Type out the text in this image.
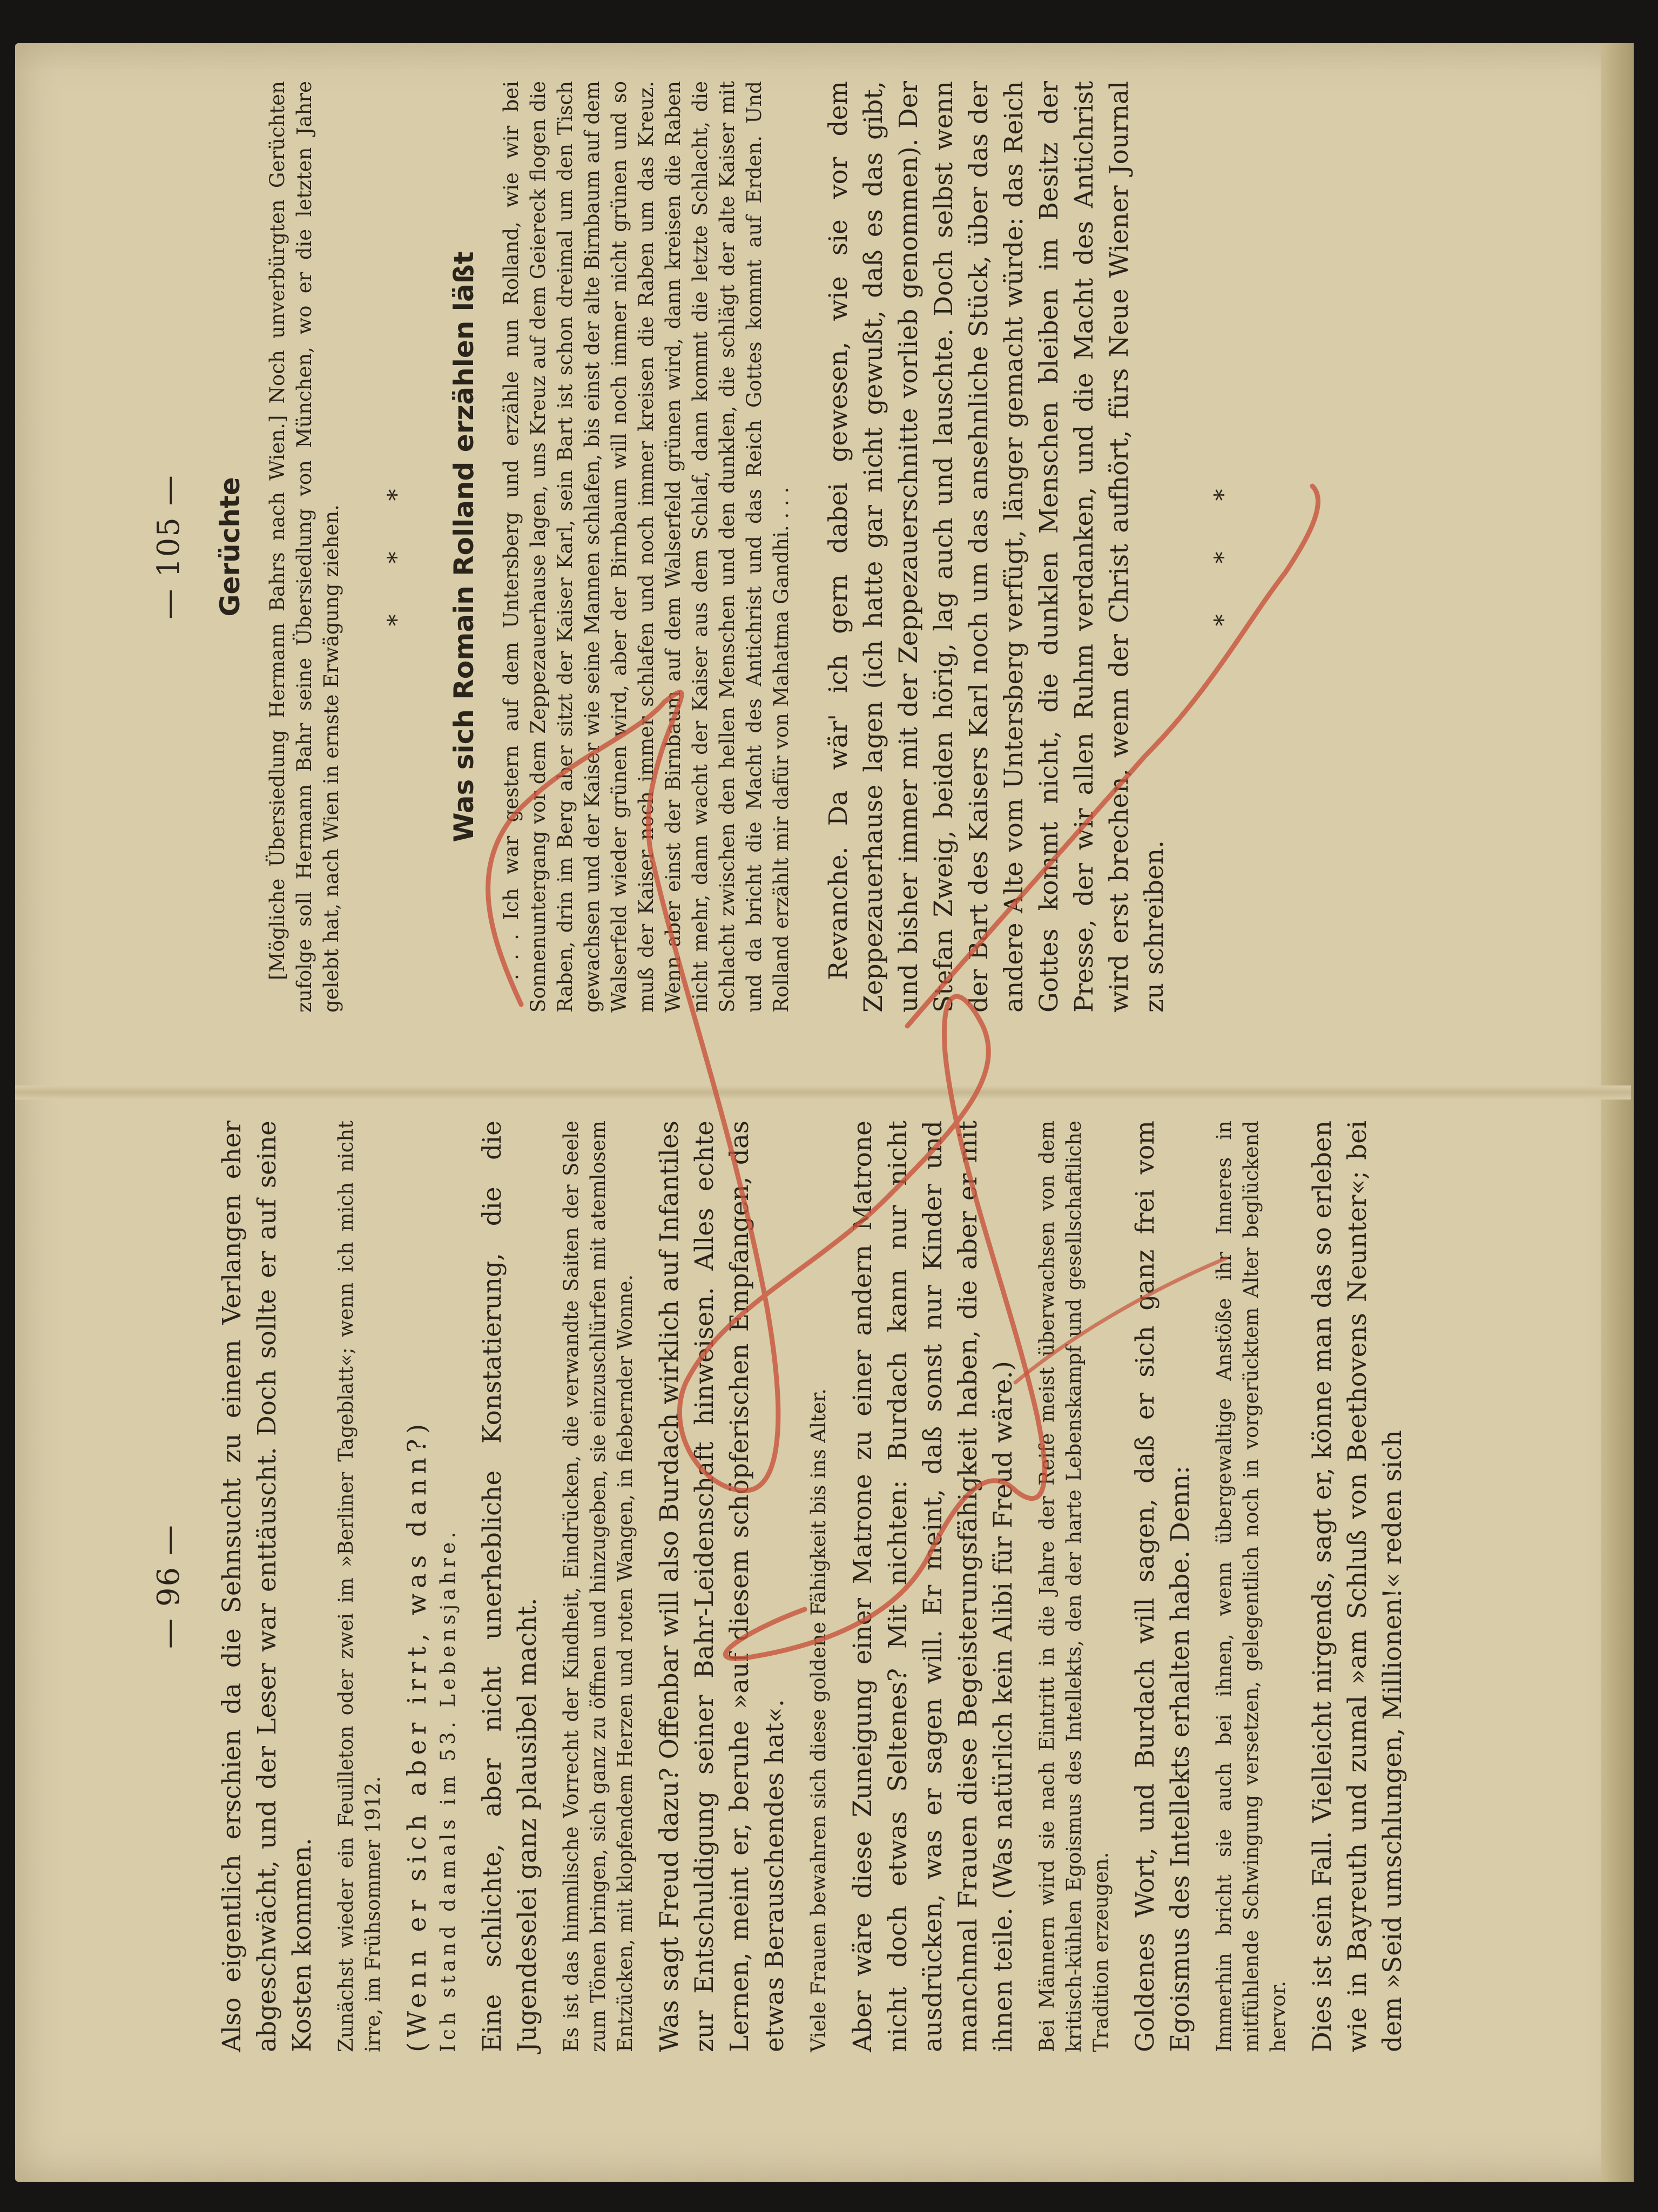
— 96 — Also eigentlich erschien da die Sehnsucht zu einem Verlangen eher abgeschwächt, und der Leser war enttäuscht. Doch sollte er auf seine Kosten kommen. Zunächst wieder ein Feuilleton oder zwei im »Berliner Tageblatt«; wenn ich mich nicht irre, im Frühsommer 1912. (Wenn er sich aber irrt, was dann?) Ich stand damals im 53. Lebensjahre. Eine schlichte, aber nicht unerhebliche Konstatierung, die die Jugendeselei ganz plausibel macht. Es ist das himmlische Vorrecht der Kindheit, Eindrücken, die verwandte Saiten der Seele zum Tönen bringen, sich ganz zu öffnen und hinzugeben, sie einzuschlürfen mit atemlosem Entzücken, mit klopfendem Herzen und roten Wangen, in fiebernder Wonne. Was sagt Freud dazu? Offenbar will also Burdach wirklich auf Infantiles zur Entschuldigung seiner Bahr-Leidenschaft hinweisen. Alles echte Lernen, meint er, beruhe »auf diesem schöpferischen Empfangen, das etwas Berauschendes hat«. Viele Frauen bewahren sich diese goldene Fähigkeit bis ins Alter. Aber wäre diese Zuneigung einer Matrone zu einer andern Matrone nicht doch etwas Seltenes? Mit nichten: Burdach kann nur nicht ausdrücken, was er sagen will. Er meint, daß sonst nur Kinder und manchmal Frauen diese Begeisterungsfähigkeit haben, die aber er mit ihnen teile. (Was natürlich kein Alibi für Freud wäre.) Bei Männern wird sie nach Eintritt in die Jahre der Reife meist überwachsen von dem kritisch-kühlen Egoismus des Intellekts, den der harte Lebenskampf und gesellschaftliche Tradition erzeugen. Goldenes Wort, und Burdach will sagen, daß er sich ganz frei vom Egoismus des Intellekts erhalten habe. Denn: Immerhin bricht sie auch bei ihnen, wenn übergewaltige Anstöße ihr Inneres in mitfühlende Schwingung versetzen, gelegentlich noch in vorgerücktem Alter beglückend hervor. Dies ist sein Fall. Vielleicht nirgends, sagt er, könne man das so erleben wie in Bayreuth und zumal »am Schluß von Beethovens Neunter«; bei dem »Seid umschlungen, Millionen!« reden sich

— 105 — Gerüchte [Mögliche Übersiedlung Hermann Bahrs nach Wien.] Noch unverbürgten Gerüchten zufolge soll Hermann Bahr seine Übersiedlung von München, wo er die letzten Jahre gelebt hat, nach Wien in ernste Erwägung ziehen. * * * Was sich Romain Rolland erzählen läßt . . . Ich war gestern auf dem Untersberg und erzähle nun Rolland, wie wir bei Sonnenuntergang vor dem Zeppezauerhause lagen, uns Kreuz auf dem Geiereck flogen die Raben, drin im Berg aber sitzt der Kaiser Karl, sein Bart ist schon dreimal um den Tisch gewachsen und der Kaiser wie seine Mannen schlafen, bis einst der alte Birnbaum auf dem Walserfeld wieder grünen wird, aber der Birnbaum will noch immer nicht grünen und so muß der Kaiser noch immer schlafen und noch immer kreisen die Raben um das Kreuz. Wenn aber einst der Birnbaum auf dem Walserfeld grünen wird, dann kreisen die Raben nicht mehr, dann wacht der Kaiser aus dem Schlaf, dann kommt die letzte Schlacht, die Schlacht zwischen den hellen Menschen und den dunklen, die schlägt der alte Kaiser mit und da bricht die Macht des Antichrist und das Reich Gottes kommt auf Erden. Und Rolland erzählt mir dafür von Mahatma Gandhi. . . . Revanche. Da wär' ich gern dabei gewesen, wie sie vor dem Zeppezauerhause lagen (ich hatte gar nicht gewußt, daß es das gibt, und bisher immer mit der Zeppezauerschnitte vorlieb genommen). Der Stefan Zweig, beiden hörig, lag auch und lauschte. Doch selbst wenn der Bart des Kaisers Karl noch um das ansehnliche Stück, über das der andere Alte vom Untersberg verfügt, länger gemacht würde: das Reich Gottes kommt nicht, die dunklen Menschen bleiben im Besitz der Presse, der wir allen Ruhm verdanken, und die Macht des Antichrist wird erst brechen, wenn der Christ aufhört, fürs Neue Wiener Journal zu schreiben.

* * *
